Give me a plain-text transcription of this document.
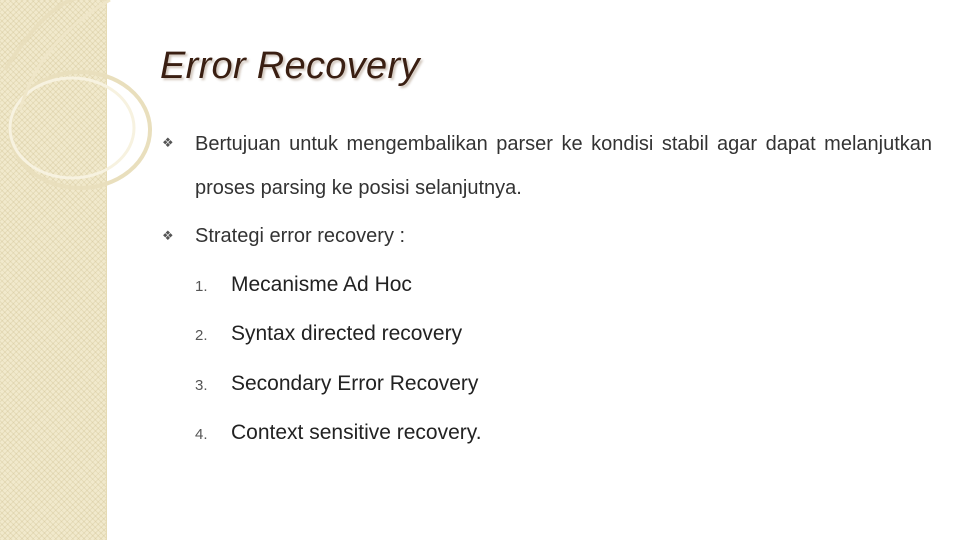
Error Recovery
❖ Bertujuan untuk mengembalikan parser ke kondisi stabil agar dapat melanjutkan proses parsing ke posisi selanjutnya.
❖ Strategi error recovery :
1. Mecanisme Ad Hoc
2. Syntax directed recovery
3. Secondary Error Recovery
4. Context sensitive recovery.
